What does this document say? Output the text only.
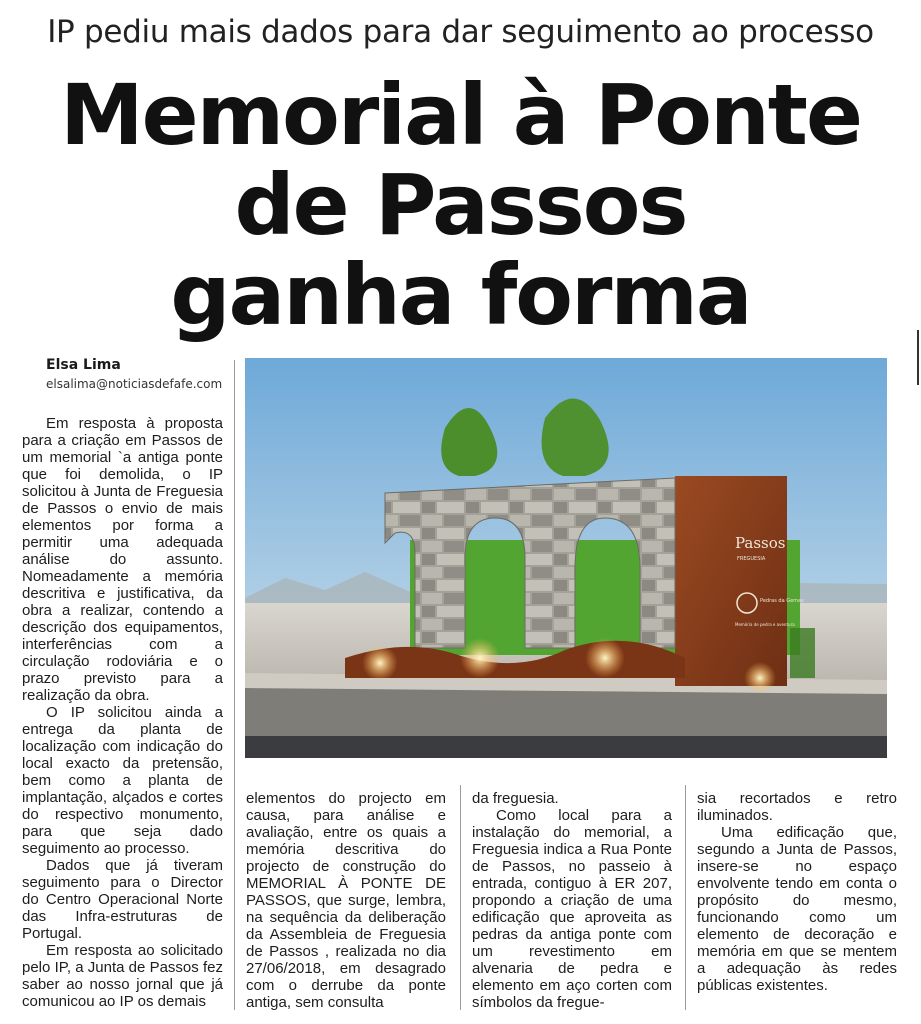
IP pediu mais dados para dar seguimento ao processo
Memorial à Ponte
de Passos
ganha forma
Elsa Lima
elsalima@noticiasdefafe.com

Em resposta à proposta para a criação em Passos de um memorial `a antiga ponte que foi demolida, o IP solicitou à Junta de Freguesia de Passos o envio de mais elementos por forma a permitir uma adequada análise do assunto. Nomeadamente a memória descritiva e justificativa, da obra a realizar, contendo a descrição dos equipamentos, interferências com a circulação rodoviária e o prazo previsto para a realização da obra.

O IP solicitou ainda a entrega da planta de localização com indicação do local exacto da pretensão, bem como a planta de implantação, alçados e cortes do respectivo monumento, para que seja dado seguimento ao processo.

Dados que já tiveram seguimento para o Director do Centro Operacional Norte das Infra-estruturas de Portugal.

Em resposta ao solicitado pelo IP, a Junta de Passos fez saber ao nosso jornal que já comunicou ao IP os demais

Passos
FREGUESIA
Pedras da Gemas
Memória de pedra e aventura

elementos do projecto em causa, para análise e avaliação, entre os quais a memória descritiva do projecto de construção do MEMORIAL À PONTE DE PASSOS, que surge, lembra, na sequência da deliberação da Assembleia de Freguesia de Passos , realizada no dia 27/06/2018, em desagrado com o derrube da ponte antiga, sem consulta

da freguesia.

Como local para a instalação do memorial, a Freguesia indica a Rua Ponte de Passos, no passeio à entrada, contiguo à ER 207, propondo a criação de uma edificação que aproveita as pedras da antiga ponte com um revestimento em alvenaria de pedra e elemento em aço corten com símbolos da fregue-

sia recortados e retro iluminados.

Uma edificação que, segundo a Junta de Passos, insere-se no espaço envolvente tendo em conta o propósito do mesmo, funcionando como um elemento de decoração e memória em que se mentem a adequação às redes públicas existentes.
